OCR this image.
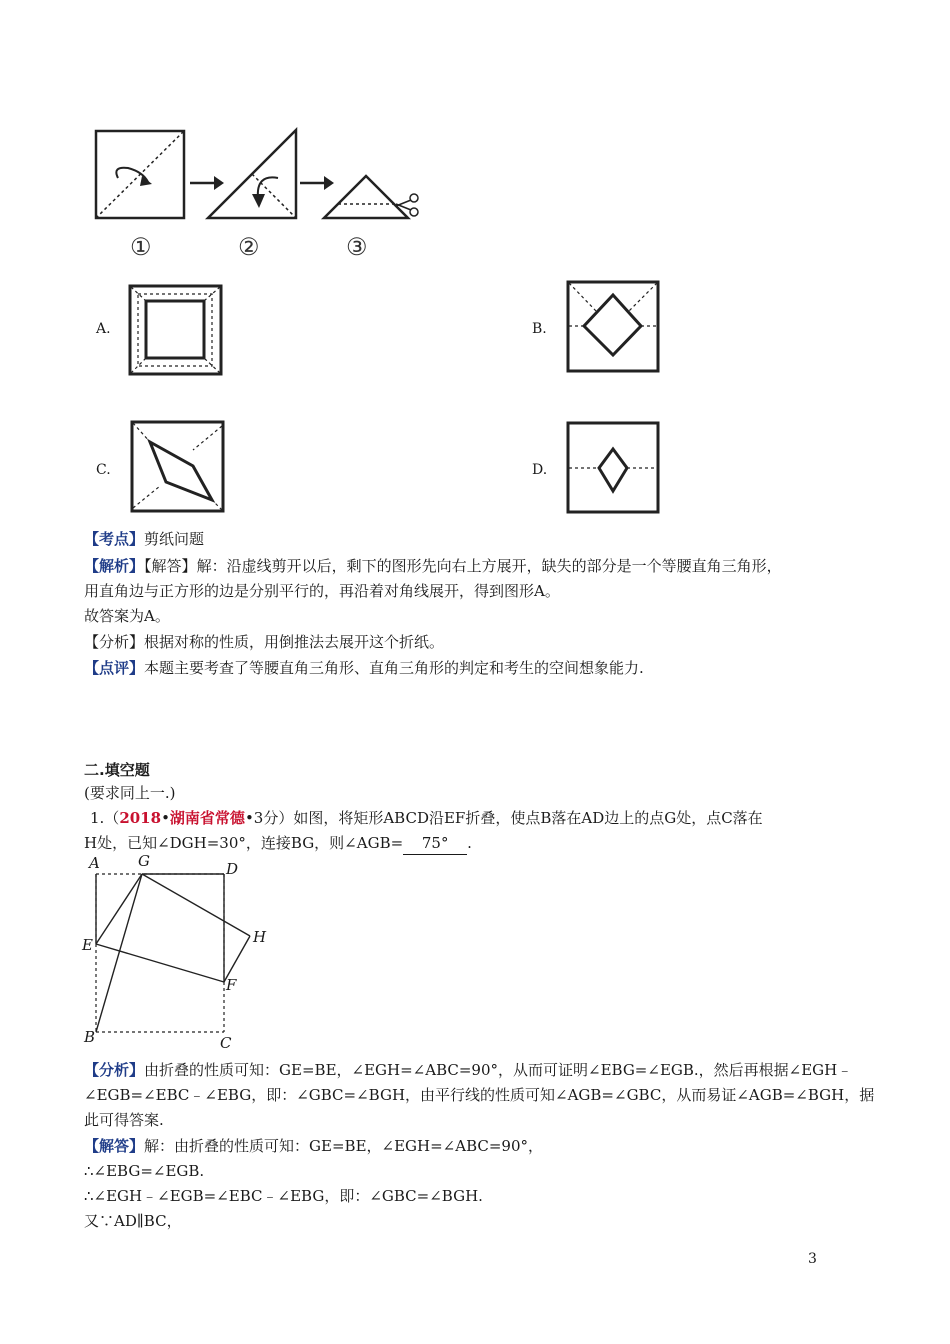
①	②	③
A.	B.
C.	D.
【考点】剪纸问题
【解析】【解答】解：沿虚线剪开以后，剩下的图形先向右上方展开，缺失的部分是一个等腰直角三角形，
用直角边与正方形的边是分别平行的，再沿着对角线展开，得到图形A。
故答案为A。
【分析】根据对称的性质，用倒推法去展开这个折纸。
【点评】本题主要考查了等腰直角三角形、直角三角形的判定和考生的空间想象能力.
二.填空题
(要求同上一.)
1.（2018•湖南省常德•3分）如图，将矩形ABCD沿EF折叠，使点B落在AD边上的点G处，点C落在
H处，已知∠DGH=30°，连接BG，则∠AGB= 75° .
A	G	D
E	H
F
B	C
【分析】由折叠的性质可知：GE=BE，∠EGH=∠ABC=90°，从而可证明∠EBG=∠EGB.，然后再根据∠EGH﹣
∠EGB=∠EBC﹣∠EBG，即：∠GBC=∠BGH，由平行线的性质可知∠AGB=∠GBC，从而易证∠AGB=∠BGH，据
此可得答案.
【解答】解：由折叠的性质可知：GE=BE，∠EGH=∠ABC=90°，
∴∠EBG=∠EGB.
∴∠EGH﹣∠EGB=∠EBC﹣∠EBG，即：∠GBC=∠BGH.
又∵AD∥BC，
3
